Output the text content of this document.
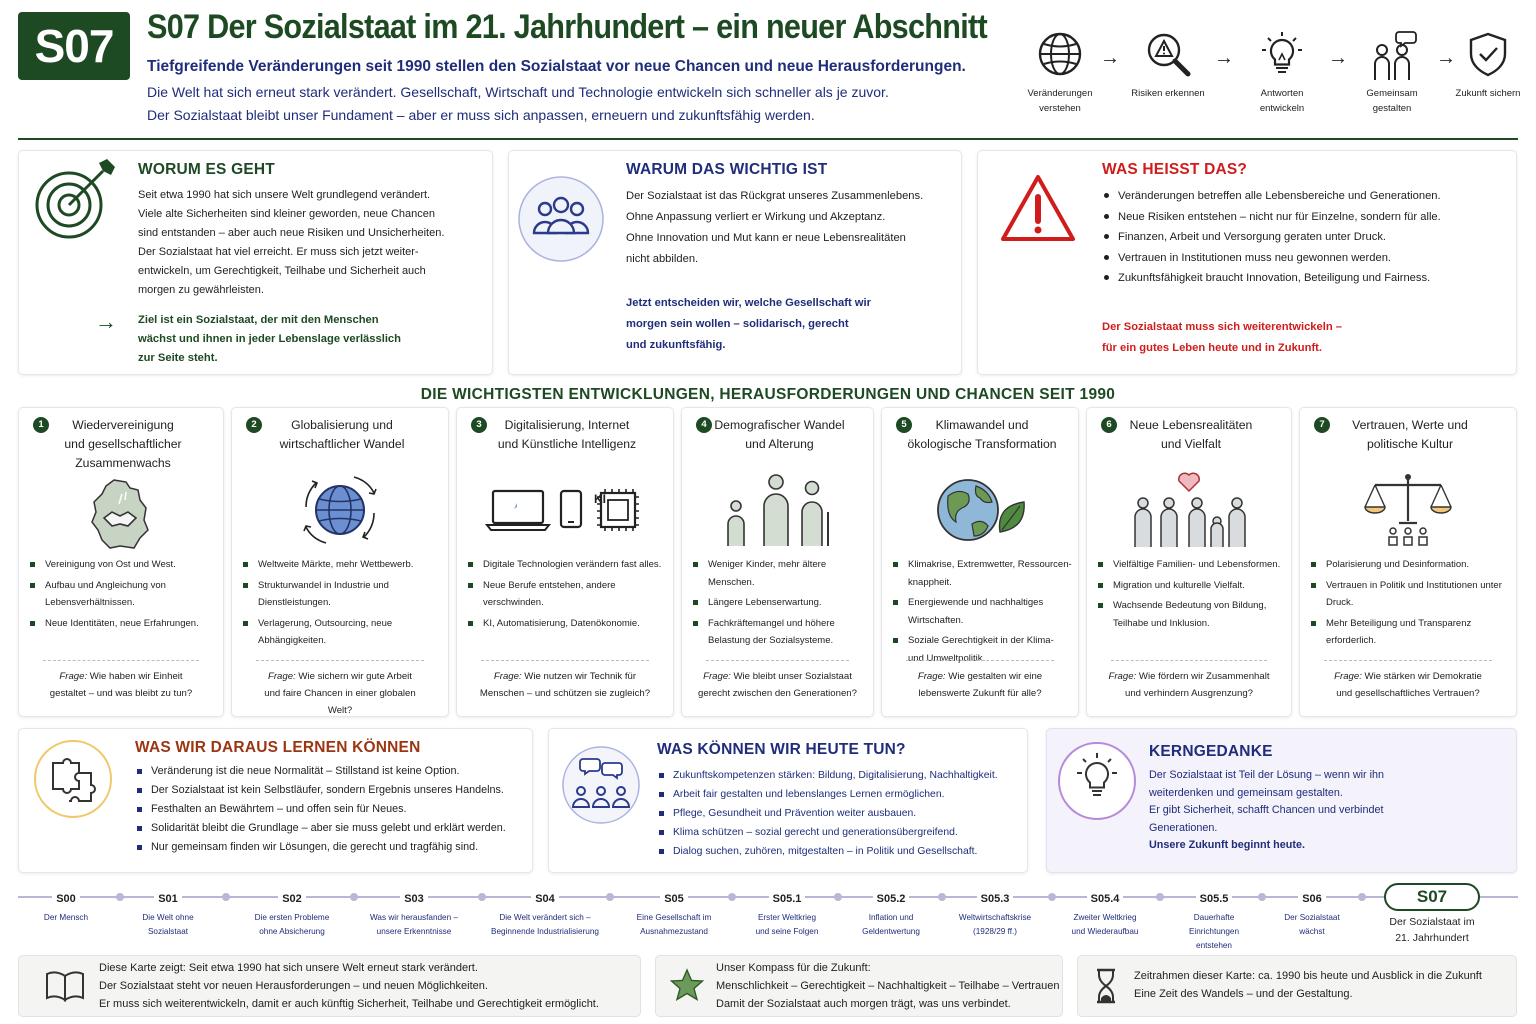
S07 S07 Der Sozialstaat im 21. Jahrhundert – ein neuer Abschnitt
Tiefgreifende Veränderungen seit 1990 stellen den Sozialstaat vor neue Chancen und neue Herausforderungen.
Die Welt hat sich erneut stark verändert. Gesellschaft, Wirtschaft und Technologie entwickeln sich schneller als je zuvor.
Der Sozialstaat bleibt unser Fundament – aber er muss sich anpassen, erneuern und zukunftsfähig werden.
Veränderungen
verstehen
→
Risiken erkennen

→
Antworten
entwickeln
→
Gemeinsam
gestalten
→
Zukunft sichern

WORUM ES GEHT
Seit etwa 1990 hat sich unsere Welt grundlegend verändert.
Viele alte Sicherheiten sind kleiner geworden, neue Chancen
sind entstanden – aber auch neue Risiken und Unsicherheiten.
Der Sozialstaat hat viel erreicht. Er muss sich jetzt weiter-
entwickeln, um Gerechtigkeit, Teilhabe und Sicherheit auch
morgen zu gewährleisten.
→ Ziel ist ein Sozialstaat, der mit den Menschen
wächst und ihnen in jeder Lebenslage verlässlich
zur Seite steht.
WARUM DAS WICHTIG IST
Der Sozialstaat ist das Rückgrat unseres Zusammenlebens.
Ohne Anpassung verliert er Wirkung und Akzeptanz.
Ohne Innovation und Mut kann er neue Lebensrealitäten
nicht abbilden.
Jetzt entscheiden wir, welche Gesellschaft wir
morgen sein wollen – solidarisch, gerecht
und zukunftsfähig.
WAS HEISST DAS?
Veränderungen betreffen alle Lebensbereiche und Generationen.
Neue Risiken entstehen – nicht nur für Einzelne, sondern für alle.
Finanzen, Arbeit und Versorgung geraten unter Druck.
Vertrauen in Institutionen muss neu gewonnen werden.
Zukunftsfähigkeit braucht Innovation, Beteiligung und Fairness.
Der Sozialstaat muss sich weiterentwickeln –
für ein gutes Leben heute und in Zukunft.
DIE WICHTIGSTEN ENTWICKLUNGEN, HERAUSFORDERUNGEN UND CHANCEN SEIT 1990
1	Wiedervereinigung
und gesellschaftlicher
Zusammenwachs
Vereinigung von Ost und West.
Aufbau und Angleichung von Lebensverhältnissen.
Neue Identitäten, neue Erfahrungen.
Frage: Wie haben wir Einheit
gestaltet – und was bleibt zu tun?
2	Globalisierung und
wirtschaftlicher Wandel
Weltweite Märkte, mehr Wettbewerb.
Strukturwandel in Industrie und Dienstleistungen.
Verlagerung, Outsourcing, neue Abhängigkeiten.
Frage: Wie sichern wir gute Arbeit
und faire Chancen in einer globalen
Welt?
3	Digitalisierung, Internet
und Künstliche Intelligenz
KI
Digitale Technologien verändern fast alles.
Neue Berufe entstehen, andere verschwinden.
KI, Automatisierung, Datenökonomie.
Frage: Wie nutzen wir Technik für
Menschen – und schützen sie zugleich?
4 Demografischer Wandel
und Alterung
Weniger Kinder, mehr ältere Menschen.
Längere Lebenserwartung.
Fachkräftemangel und höhere Belastung der Sozialsysteme.
Frage: Wie bleibt unser Sozialstaat
gerecht zwischen den Generationen?
5	Klimawandel und
ökologische Transformation
Klimakrise, Extremwetter, Ressourcen-knappheit.
Energiewende und nachhaltiges Wirtschaften.
Soziale Gerechtigkeit in der Klima- und Umweltpolitik.
Frage: Wie gestalten wir eine
lebenswerte Zukunft für alle?
6	Neue Lebensrealitäten
und Vielfalt
Vielfältige Familien- und Lebensformen.
Migration und kulturelle Vielfalt.
Wachsende Bedeutung von Bildung, Teilhabe und Inklusion.
Frage: Wie fördern wir Zusammenhalt
und verhindern Ausgrenzung?
7	Vertrauen, Werte und
politische Kultur
Polarisierung und Desinformation.
Vertrauen in Politik und Institutionen unter Druck.
Mehr Beteiligung und Transparenz erforderlich.
Frage: Wie stärken wir Demokratie
und gesellschaftliches Vertrauen?
WAS WIR DARAUS LERNEN KÖNNEN
Veränderung ist die neue Normalität – Stillstand ist keine Option.
Der Sozialstaat ist kein Selbstläufer, sondern Ergebnis unseres Handelns.
Festhalten an Bewährtem – und offen sein für Neues.
Solidarität bleibt die Grundlage – aber sie muss gelebt und erklärt werden.
Nur gemeinsam finden wir Lösungen, die gerecht und tragfähig sind.
WAS KÖNNEN WIR HEUTE TUN?
Zukunftskompetenzen stärken: Bildung, Digitalisierung, Nachhaltigkeit.
Arbeit fair gestalten und lebenslanges Lernen ermöglichen.
Pflege, Gesundheit und Prävention weiter ausbauen.
Klima schützen – sozial gerecht und generationsübergreifend.
Dialog suchen, zuhören, mitgestalten – in Politik und Gesellschaft.
KERNGEDANKE
Der Sozialstaat ist Teil der Lösung – wenn wir ihn
weiterdenken und gemeinsam gestalten.
Er gibt Sicherheit, schafft Chancen und verbindet
Generationen.
Unsere Zukunft beginnt heute.
S00
Der Mensch
S01
Die Welt ohne
Sozialstaat
S02
Die ersten Probleme
ohne Absicherung
S03
Was wir herausfanden –
unsere Erkenntnisse
S04
Die Welt verändert sich –
Beginnende Industrialisierung
S05
Eine Gesellschaft im
Ausnahmezustand
S05.1
Erster Weltkrieg
und seine Folgen
S05.2
Inflation und
Geldentwertung
S05.3
Weltwirtschaftskrise
(1928/29 ff.)
S05.4
Zweiter Weltkrieg
und Wiederaufbau
S05.5
Dauerhafte
Einrichtungen
entstehen
S06
Der Sozialstaat
wächst
S07
Der Sozialstaat im
21. Jahrhundert
Diese Karte zeigt: Seit etwa 1990 hat sich unsere Welt erneut stark verändert.
Der Sozialstaat steht vor neuen Herausforderungen – und neuen Möglichkeiten.
Er muss sich weiterentwickeln, damit er auch künftig Sicherheit, Teilhabe und Gerechtigkeit ermöglicht.
Unser Kompass für die Zukunft:
Menschlichkeit – Gerechtigkeit – Nachhaltigkeit – Teilhabe – Vertrauen
Damit der Sozialstaat auch morgen trägt, was uns verbindet.
Zeitrahmen dieser Karte: ca. 1990 bis heute und Ausblick in die Zukunft
Eine Zeit des Wandels – und der Gestaltung.
